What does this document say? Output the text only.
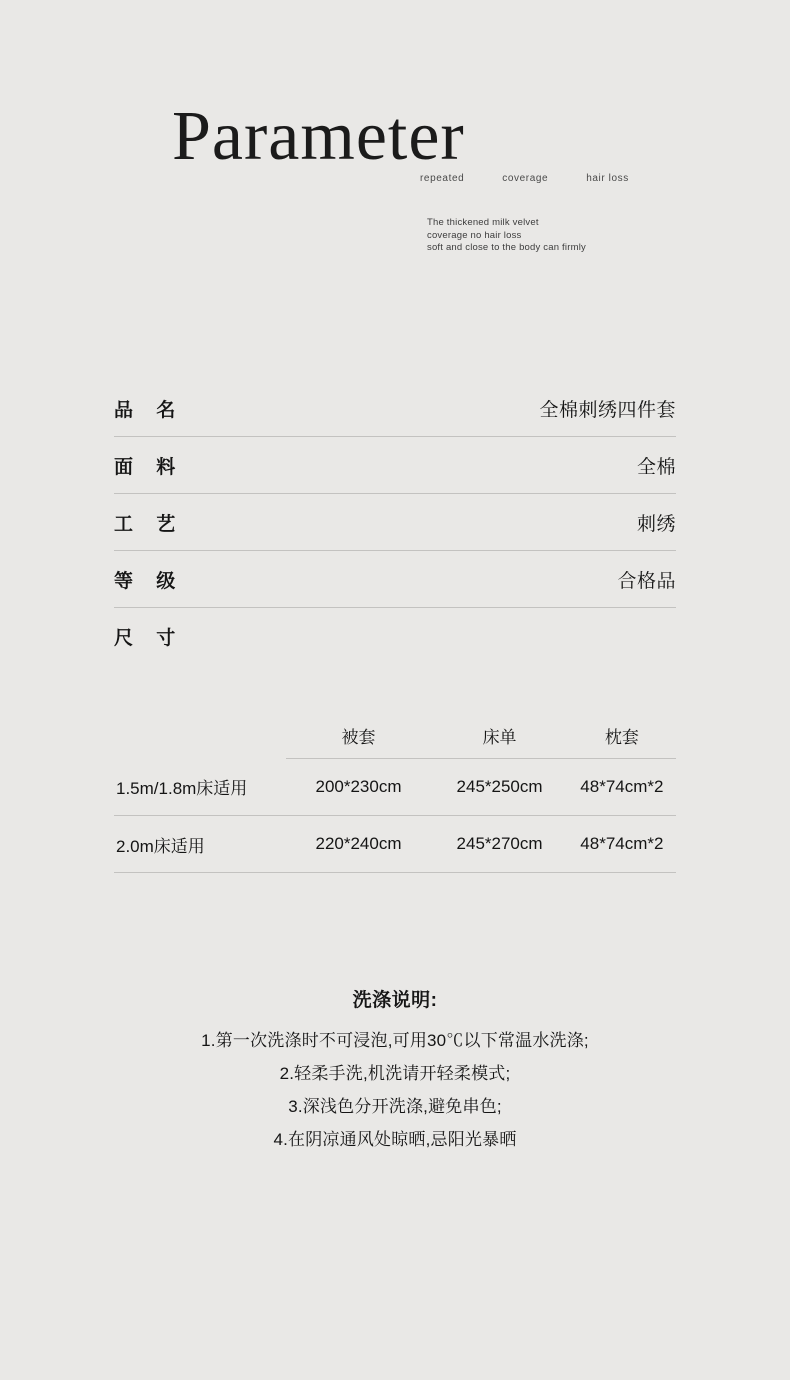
Parameter
repeated	coverage	hair loss
The thickened milk velvet
coverage no hair loss
soft and close to the body can firmly
品 名	全棉刺绣四件套
面 料	全棉
工 艺	刺绣
等 级	合格品
尺 寸
	被套	床单	枕套
1.5m/1.8m床适用	200*230cm	245*250cm	48*74cm*2
2.0m床适用	220*240cm	245*270cm	48*74cm*2
洗涤说明:
1.第一次洗涤时不可浸泡,可用30℃以下常温水洗涤;
2.轻柔手洗,机洗请开轻柔模式;
3.深浅色分开洗涤,避免串色;
4.在阴凉通风处晾晒,忌阳光暴晒
